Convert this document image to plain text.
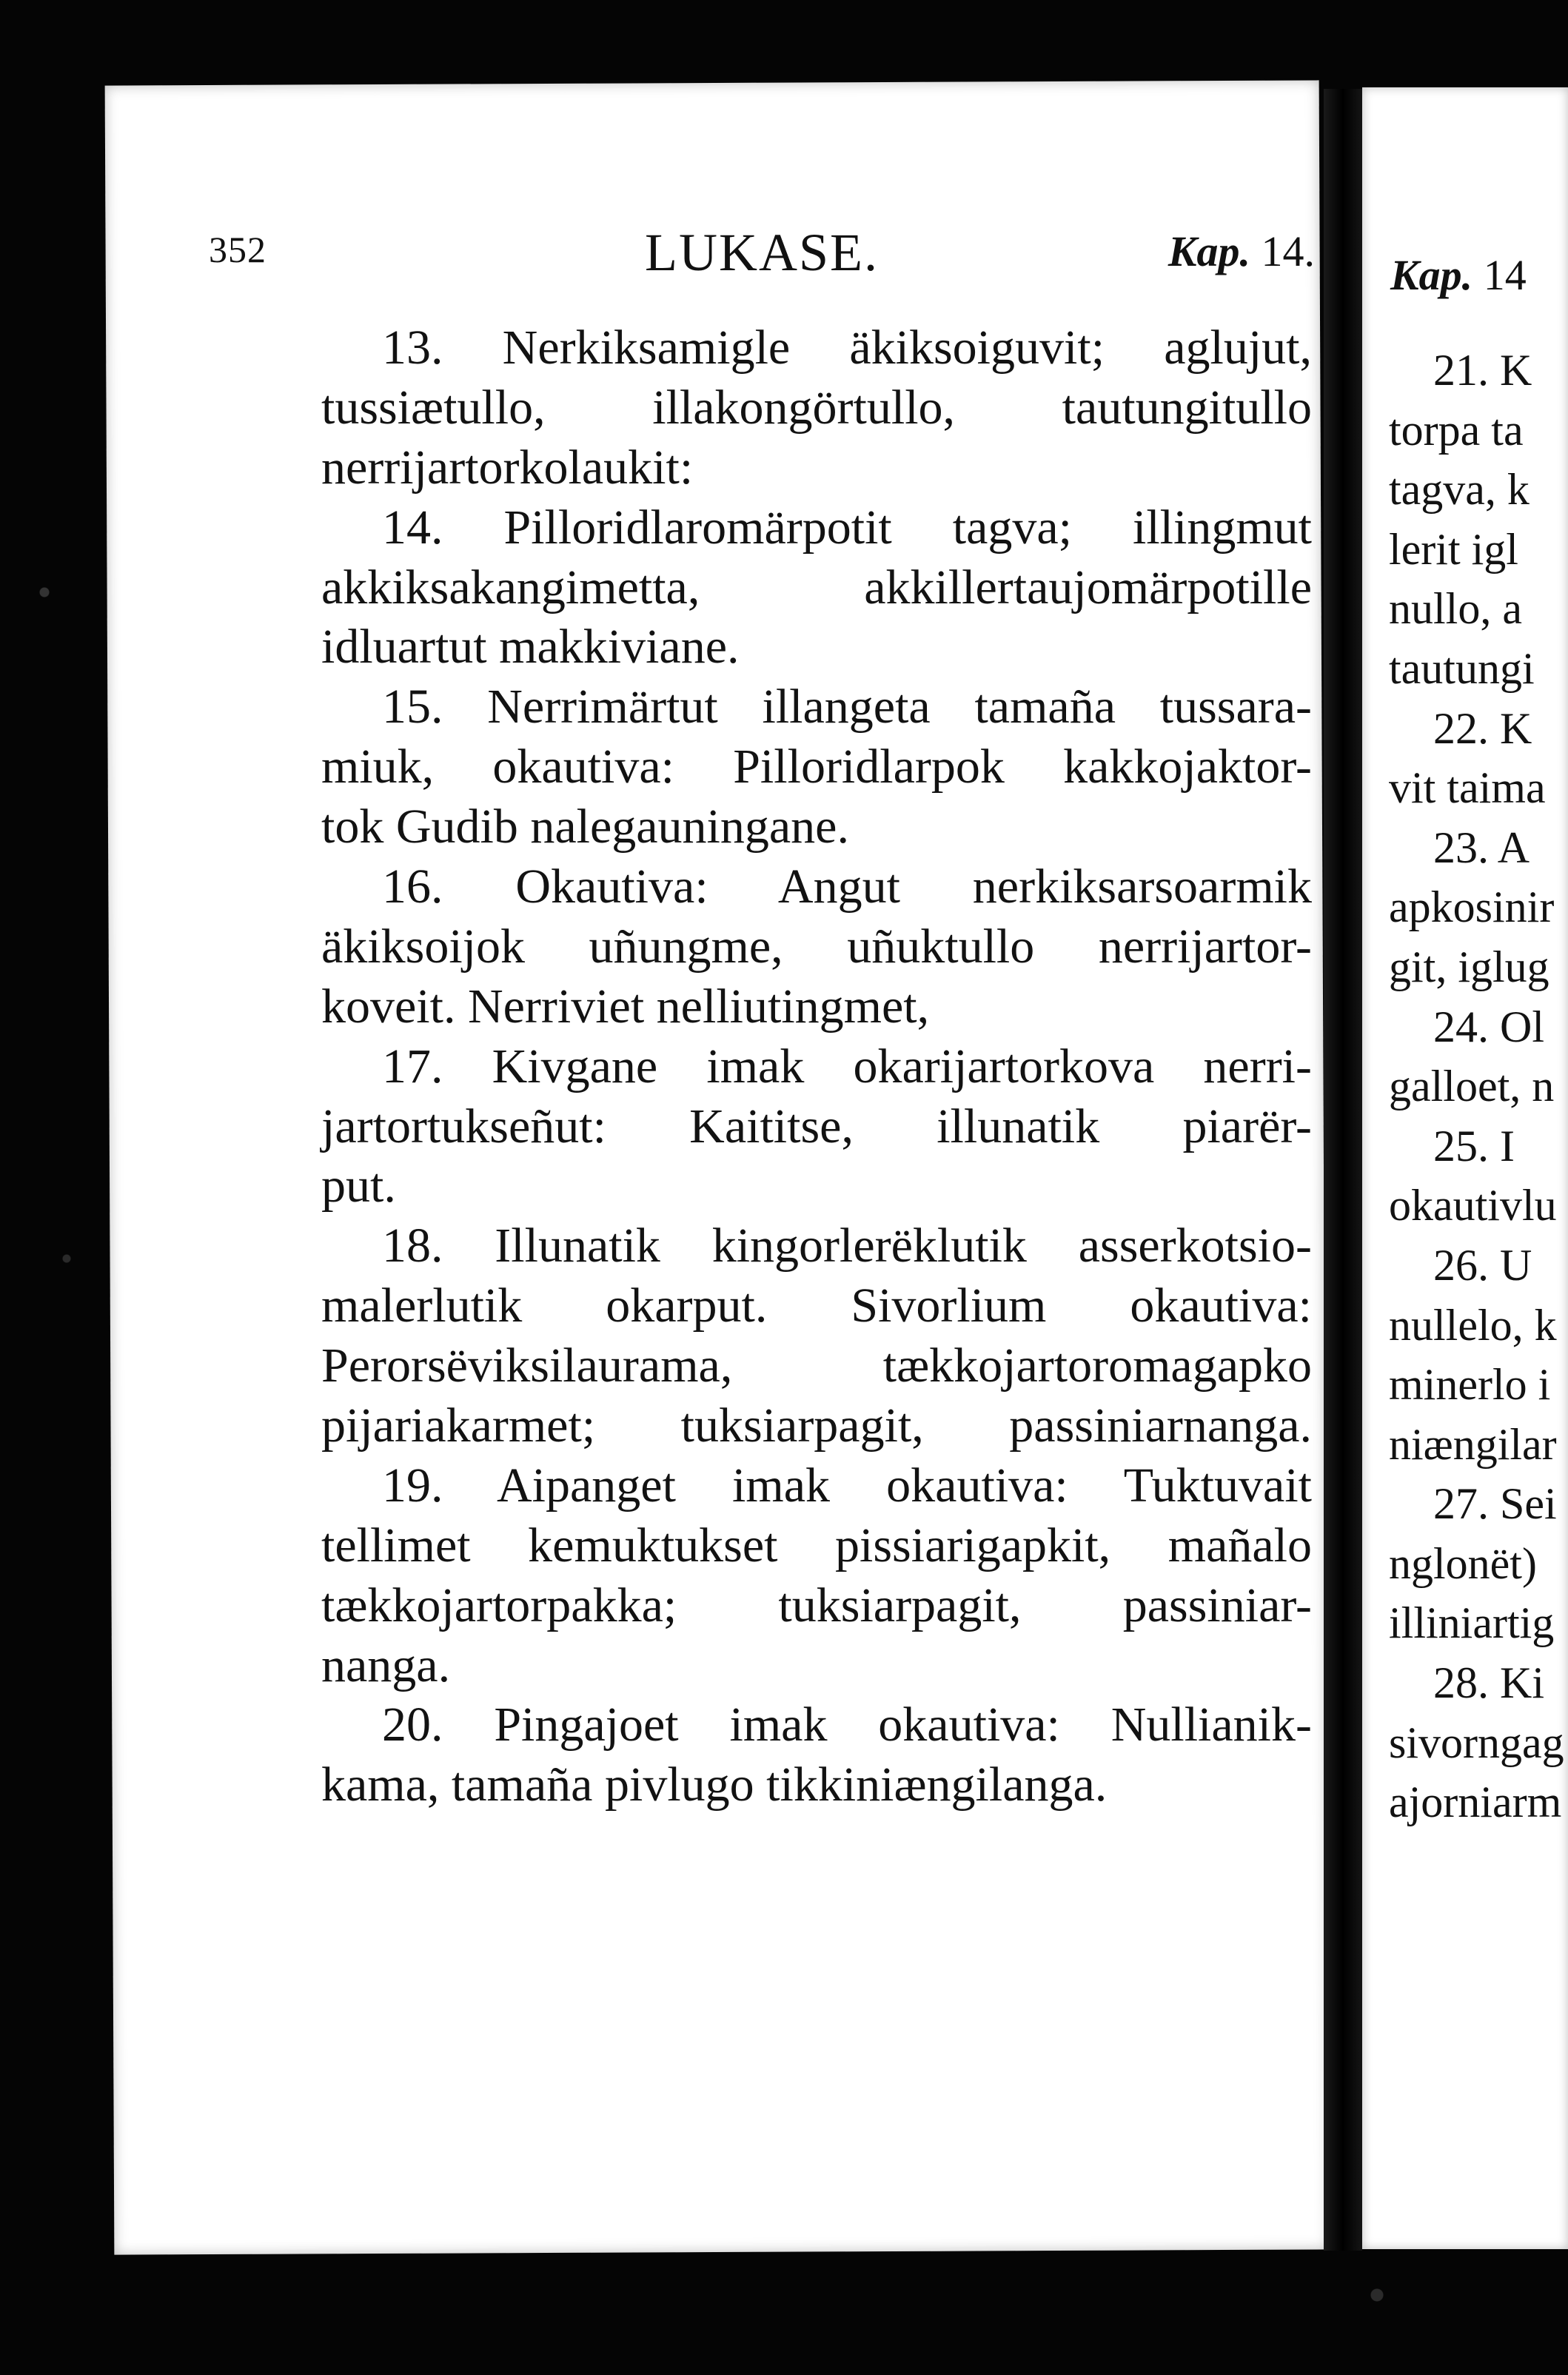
352	LUKASE.	Kap. 14.
13. Nerkiksamigle äkiksoiguvit; aglujut,
tussiætullo, illakongörtullo, tautungitullo
nerrijartorkolaukit:
14. Pilloridlaromärpotit tagva; illingmut
akkiksakangimetta, akkillertaujomärpotille
idluartut makkiviane.
15. Nerrimärtut illangeta tamaña tussara-
miuk, okautiva: Pilloridlarpok kakkojaktor-
tok Gudib nalegauningane.
16. Okautiva: Angut nerkiksarsoarmik
äkiksoijok uñungme, uñuktullo nerrijartor-
koveit. Nerriviet nelliutingmet,
17. Kivgane imak okarijartorkova nerri-
jartortukseñut: Kaititse, illunatik piarër-
put.
18. Illunatik kingorlerëklutik asserkotsio-
malerlutik okarput. Sivorlium okautiva:
Perorsëviksilaurama, tækkojartoromagapko
pijariakarmet; tuksiarpagit, passiniarnanga.
19. Aipanget imak okautiva: Tuktuvait
tellimet kemuktukset pissiarigapkit, mañalo
tækkojartorpakka; tuksiarpagit, passiniar-
nanga.
20. Pingajoet imak okautiva: Nullianik-
kama, tamaña pivlugo tikkiniængilanga.
Kap. 14
21. K
torpa ta
tagva, k
lerit igl
nullo, a
tautungi
22. K
vit taima
23. A
apkosinir
git, iglug
24. Ol
galloet, n
25. I
okautivlu
26. U
nullelo, k
minerlo i
niængilar
27. Sei
nglonët)
illiniartig
28. Ki
sivorngag
ajorniarm
